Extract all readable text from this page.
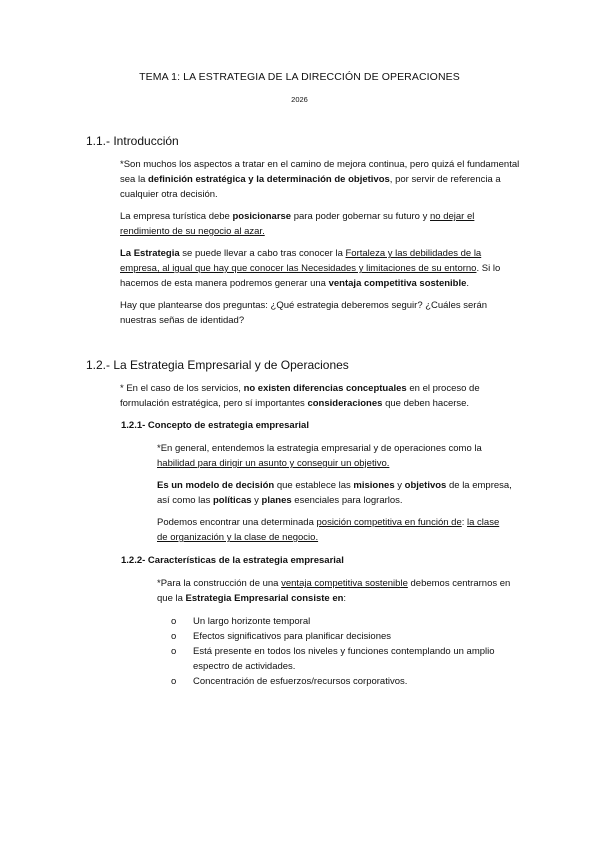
TEMA 1: LA ESTRATEGIA DE LA DIRECCIÓN DE OPERACIONES
2026
1.1.- Introducción

*Son muchos los aspectos a tratar en el camino de mejora continua, pero quizá el fundamental sea la definición estratégica y la determinación de objetivos, por servir de referencia a cualquier otra decisión.

La empresa turística debe posicionarse para poder gobernar su futuro y no dejar el rendimiento de su negocio al azar.

La Estrategia se puede llevar a cabo tras conocer la Fortaleza y las debilidades de la empresa, al igual que hay que conocer las Necesidades y limitaciones de su entorno. Si lo hacemos de esta manera podremos generar una ventaja competitiva sostenible.

Hay que plantearse dos preguntas: ¿Qué estrategia deberemos seguir? ¿Cuáles serán nuestras señas de identidad?

1.2.- La Estrategia Empresarial y de Operaciones

* En el caso de los servicios, no existen diferencias conceptuales en el proceso de formulación estratégica, pero sí importantes consideraciones que deben hacerse.

1.2.1- Concepto de estrategia empresarial

*En general, entendemos la estrategia empresarial y de operaciones como la habilidad para dirigir un asunto y conseguir un objetivo.

Es un modelo de decisión que establece las misiones y objetivos de la empresa, así como las políticas y planes esenciales para lograrlos.

Podemos encontrar una determinada posición competitiva en función de: la clase de organización y la clase de negocio.

1.2.2- Características de la estrategia empresarial

*Para la construcción de una ventaja competitiva sostenible debemos centrarnos en que la Estrategia Empresarial consiste en:

o Un largo horizonte temporal
o Efectos significativos para planificar decisiones
o Está presente en todos los niveles y funciones contemplando un amplio espectro de actividades.
o Concentración de esfuerzos/recursos corporativos.
